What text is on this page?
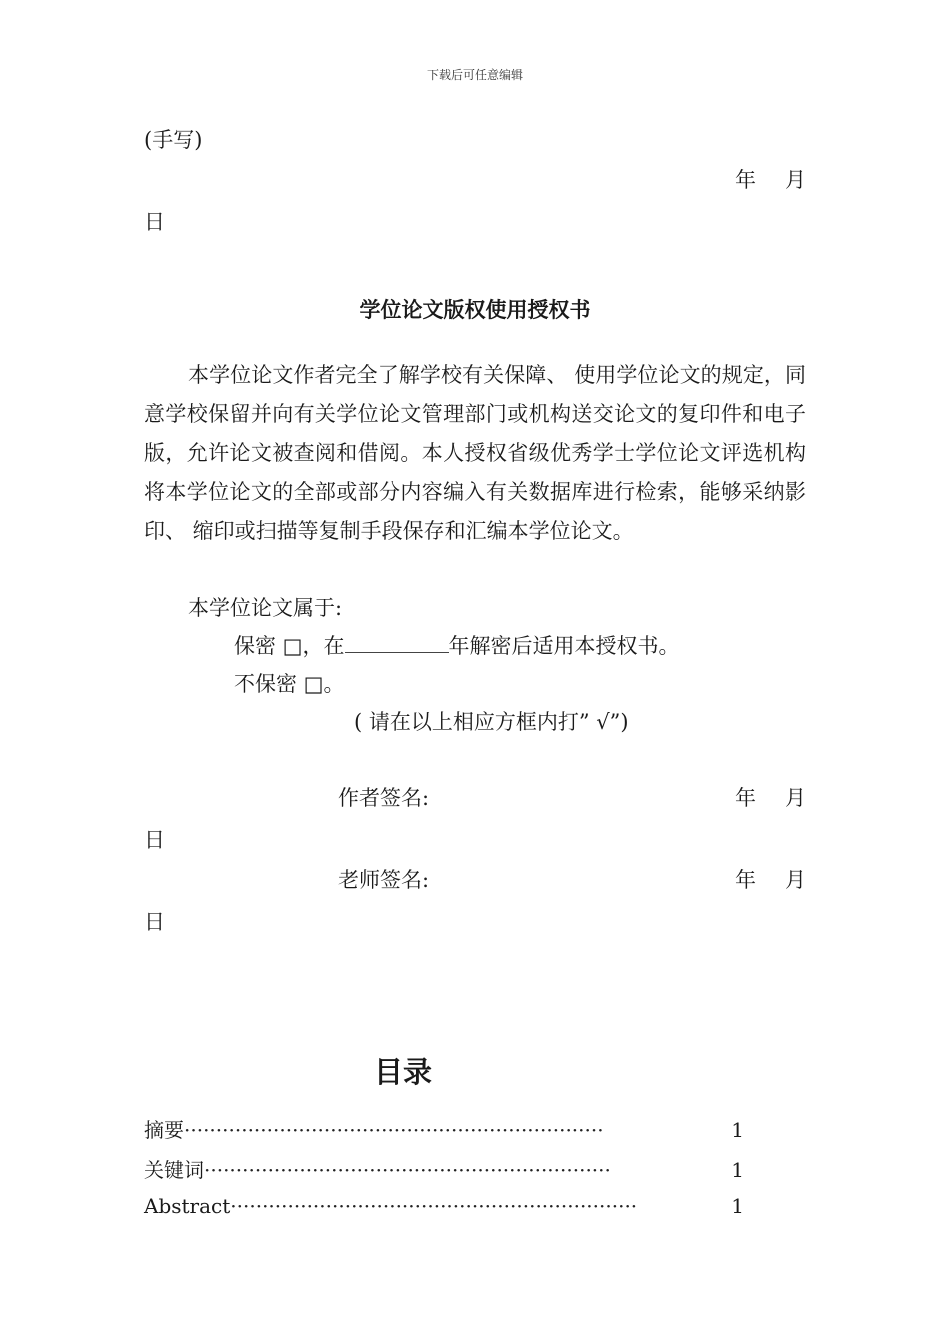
下载后可任意编辑
(手写)
年 月
日
学位论文版权使用授权书
本学位论文作者完全了解学校有关保障、 使用学位论文的规定，同意学校保留并向有关学位论文管理部门或机构送交论文的复印件和电子版，允许论文被查阅和借阅。本人授权省级优秀学士学位论文评选机构将本学位论文的全部或部分内容编入有关数据库进行检索，能够采纳影印、 缩印或扫描等复制手段保存和汇编本学位论文。
本学位论文属于:
保密 □，在	年解密后适用本授权书。
不保密 □。
( 请在以上相应方框内打” √”)
作者签名:	年 月
日
老师签名:	年 月
日
目录
摘要 ··································································	1
关键词 ································································	1
Abstract ································································	1
